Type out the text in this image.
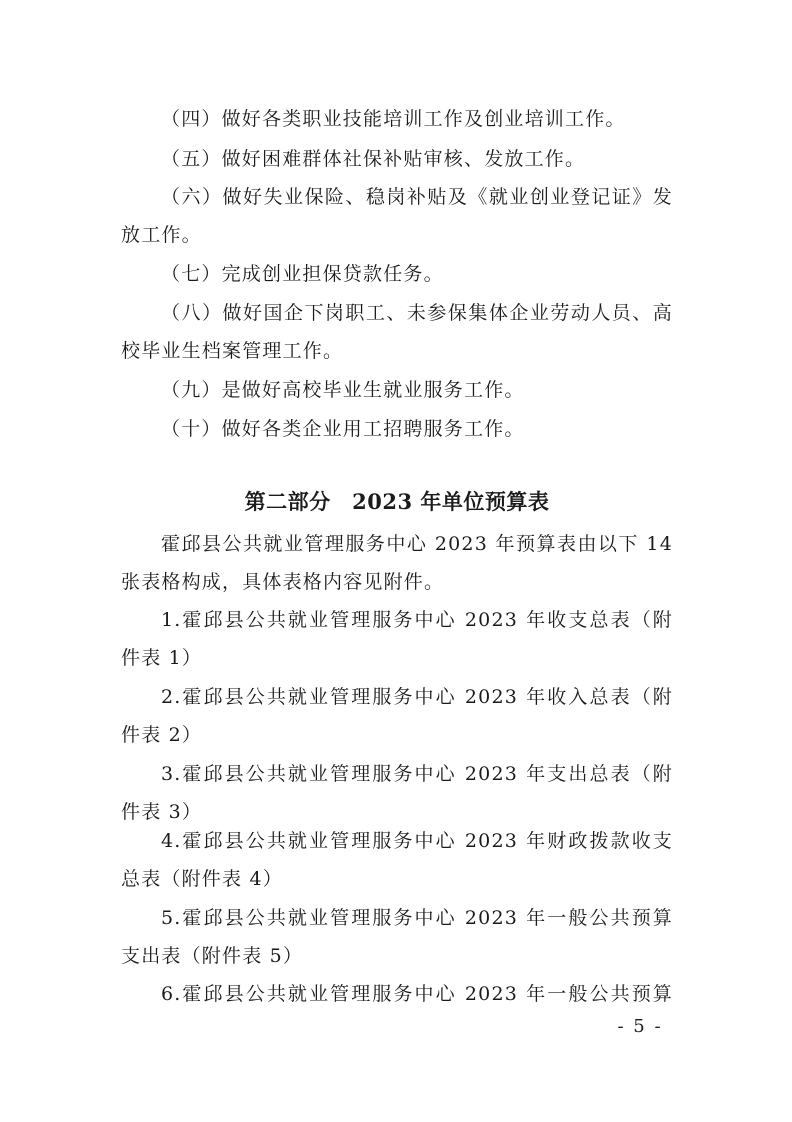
（四）做好各类职业技能培训工作及创业培训工作。

（五）做好困难群体社保补贴审核、发放工作。

（六）做好失业保险、稳岗补贴及《就业创业登记证》发放工作。

（七）完成创业担保贷款任务。

（八）做好国企下岗职工、未参保集体企业劳动人员、高校毕业生档案管理工作。

（九）是做好高校毕业生就业服务工作。

（十）做好各类企业用工招聘服务工作。

第二部分　2023 年单位预算表

霍邱县公共就业管理服务中心 2023 年预算表由以下 14 张表格构成，具体表格内容见附件。

1.霍邱县公共就业管理服务中心 2023 年收支总表（附件表 1）

2.霍邱县公共就业管理服务中心 2023 年收入总表（附件表 2）

3.霍邱县公共就业管理服务中心 2023 年支出总表（附件表 3）

4.霍邱县公共就业管理服务中心 2023 年财政拨款收支总表（附件表 4）

5.霍邱县公共就业管理服务中心 2023 年一般公共预算支出表（附件表 5）

6.霍邱县公共就业管理服务中心 2023 年一般公共预算

- 5 -
